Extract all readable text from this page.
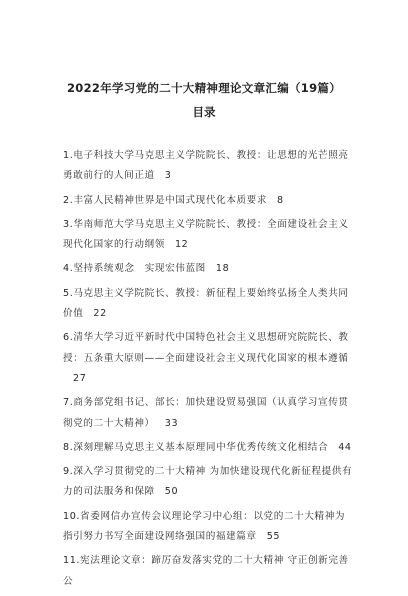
2022年学习党的二十大精神理论文章汇编（19篇）
目录
1.电子科技大学马克思主义学院院长、教授：让思想的光芒照亮勇敢前行的人间正道 3
2.丰富人民精神世界是中国式现代化本质要求 8
3.华南师范大学马克思主义学院院长、教授：全面建设社会主义现代化国家的行动纲领 12
4.坚持系统观念　实现宏伟蓝图 18
5.马克思主义学院院长、教授：新征程上要始终弘扬全人类共同价值 22
6.清华大学习近平新时代中国特色社会主义思想研究院院长、教授：五条重大原则——全面建设社会主义现代化国家的根本遵循27
7.商务部党组书记、部长：加快建设贸易强国（认真学习宣传贯彻党的二十大精神） 33
8.深刻理解马克思主义基本原理同中华优秀传统文化相结合 44
9.深入学习贯彻党的二十大精神 为加快建设现代化新征程提供有力的司法服务和保障 50
10.省委网信办宣传会议理论学习中心组：以党的二十大精神为指引努力书写全面建设网络强国的福建篇章 55
11.宪法理论文章：蹄厉奋发落实党的二十大精神 守正创新完善公
